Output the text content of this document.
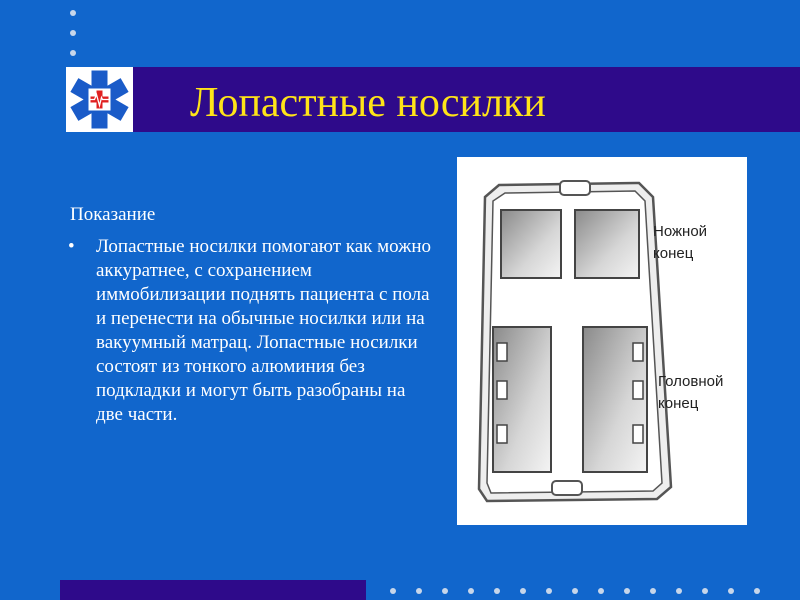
Лопастные носилки
Показание
• Лопастные носилки помогают как можно аккуратнее, с сохранением иммобилизации поднять пациента с пола и перенести на обычные носилки или на вакуумный матрац. Лопастные носилки состоят из тонкого алюминия без подкладки и могут быть разобраны на две части.
Ножной
конец
Головной
конец
